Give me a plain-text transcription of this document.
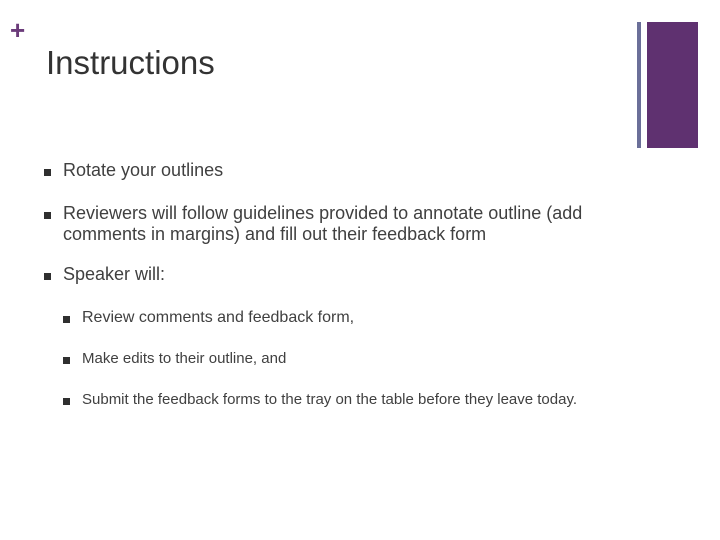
+
Instructions
Rotate your outlines
Reviewers will follow guidelines provided to annotate outline (add comments in margins) and fill out their feedback form
Speaker will:
Review comments and feedback form,
Make edits to their outline, and
Submit the feedback forms to the tray on the table before they leave today.
